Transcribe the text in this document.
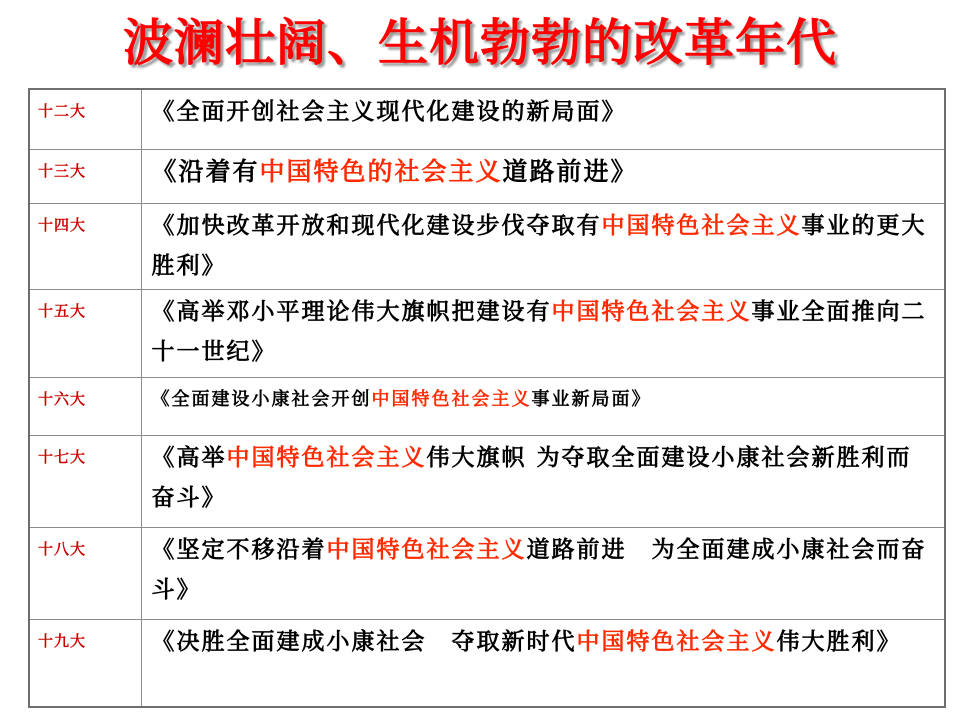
波澜壮阔、生机勃勃的改革年代
十二大	《全面开创社会主义现代化建设的新局面》

十三大	《沿着有中国特色的社会主义道路前进》

十四大	《加快改革开放和现代化建设步伐夺取有中国特色社会主义事业的更大胜利》

十五大	《高举邓小平理论伟大旗帜把建设有中国特色社会主义事业全面推向二十一世纪》

十六大	《全面建设小康社会开创中国特色社会主义事业新局面》

十七大	《高举中国特色社会主义伟大旗帜 为夺取全面建设小康社会新胜利而奋斗》

十八大	《坚定不移沿着中国特色社会主义道路前进　为全面建成小康社会而奋斗》

十九大	《决胜全面建成小康社会　夺取新时代中国特色社会主义伟大胜利》
